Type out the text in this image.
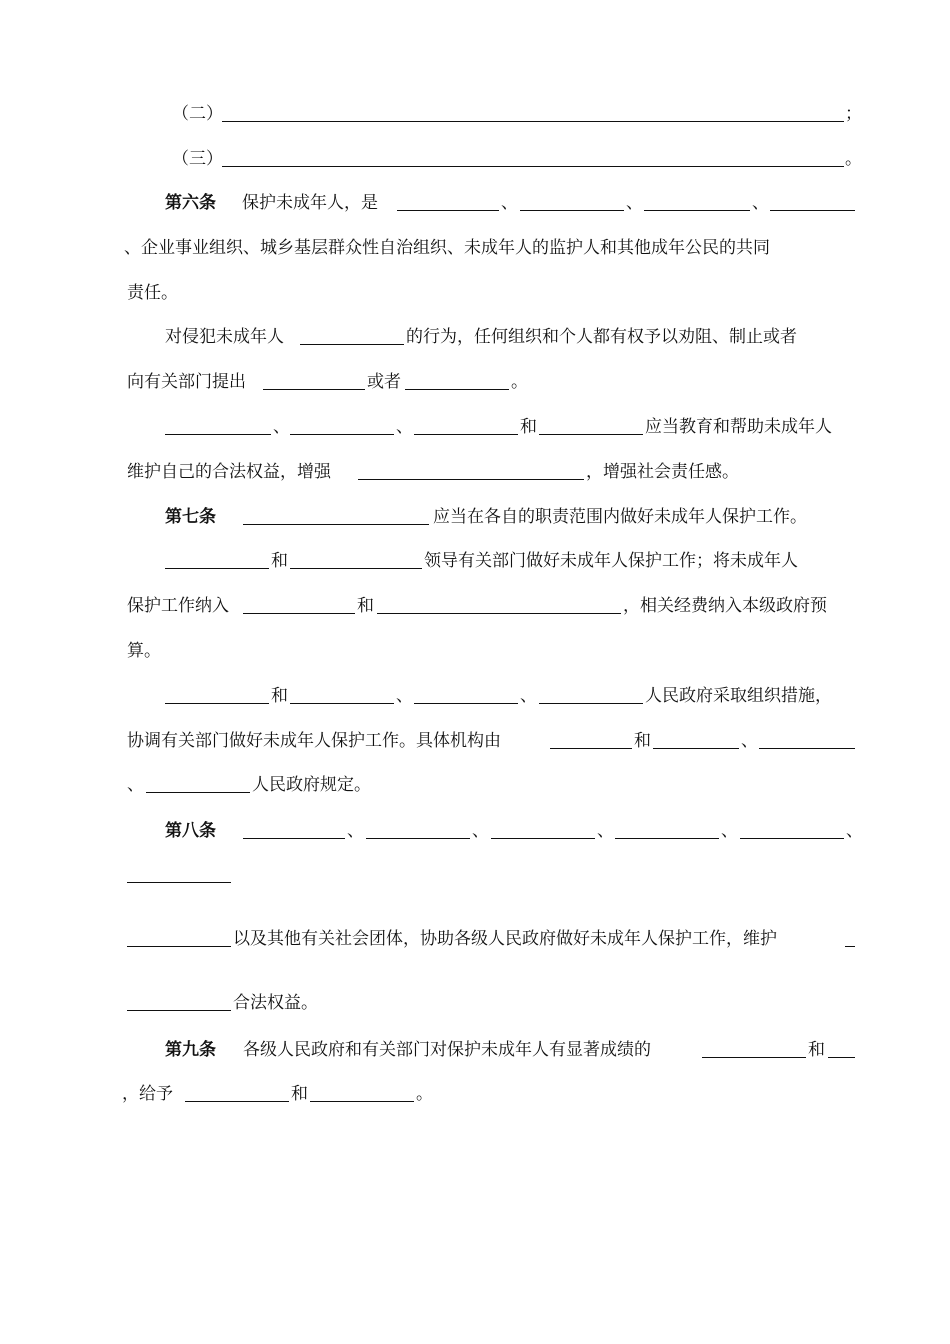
（二）	；
（三）	。
第六条 保护未成年人，是	、	、	、
、企业事业组织、城乡基层群众性自治组织、未成年人的监护人和其他成年公民的共同
责任。
对侵犯未成年人	的行为，任何组织和个人都有权予以劝阻、制止或者
向有关部门提出	或者	。
、	、	和	应当教育和帮助未成年人
维护自己的合法权益，增强	，增强社会责任感。
第七条	应当在各自的职责范围内做好未成年人保护工作。
和	领导有关部门做好未成年人保护工作；将未成年人
保护工作纳入	和	，相关经费纳入本级政府预
算。
和	、	、	人民政府采取组织措施，
协调有关部门做好未成年人保护工作。具体机构由	和	、
、	人民政府规定。
第八条	、	、	、	、	、
以及其他有关社会团体，协助各级人民政府做好未成年人保护工作，维护
合法权益。
第九条 各级人民政府和有关部门对保护未成年人有显著成绩的	和
，给予	和	。
